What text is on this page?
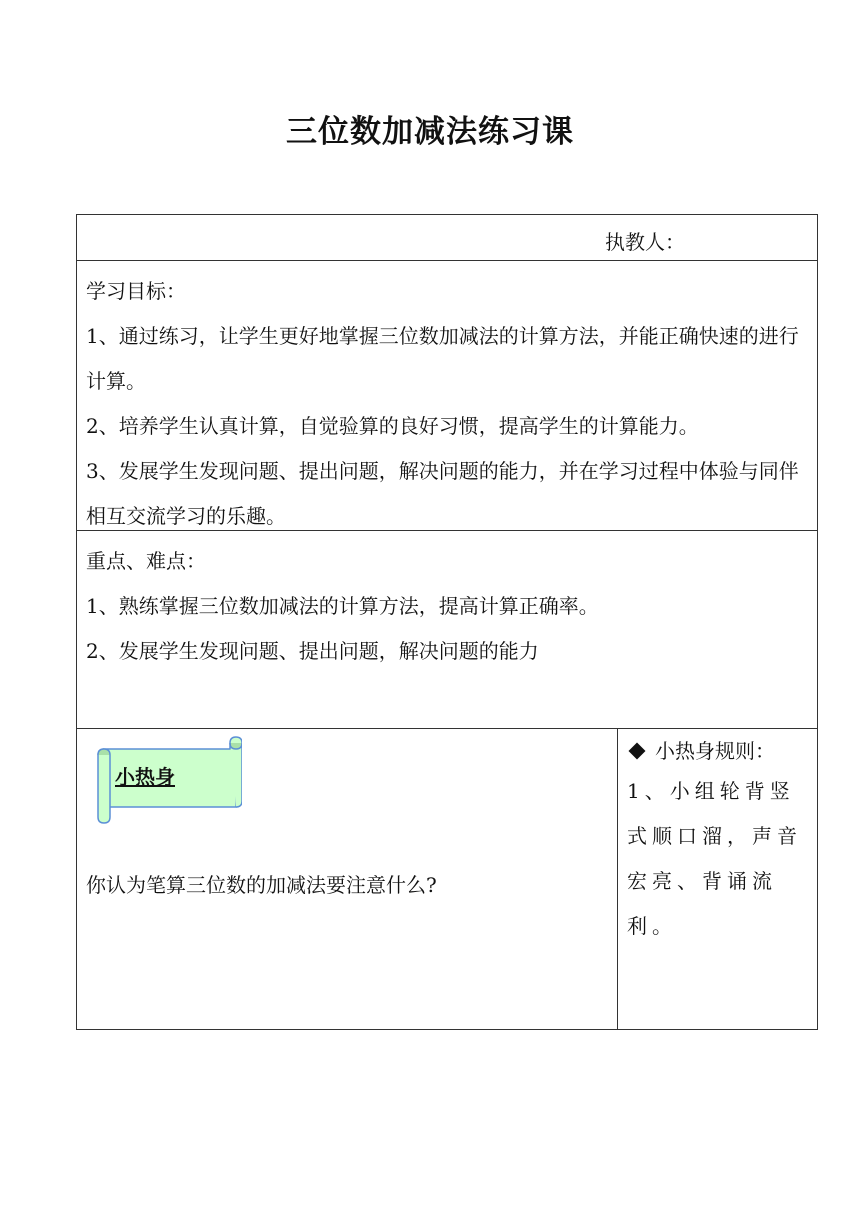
三位数加减法练习课
执教人：
学习目标：

1、通过练习，让学生更好地掌握三位数加减法的计算方法，并能正确快速的进行计算。

2、培养学生认真计算，自觉验算的良好习惯，提高学生的计算能力。

3、发展学生发现问题、提出问题，解决问题的能力，并在学习过程中体验与同伴相互交流学习的乐趣。

重点、难点：
1、熟练掌握三位数加减法的计算方法，提高计算正确率。
2、发展学生发现问题、提出问题，解决问题的能力
小热身
你认为笔算三位数的加减法要注意什么?
小热身规则：
1、小组轮背竖式顺口溜，声音宏亮、背诵流利。
